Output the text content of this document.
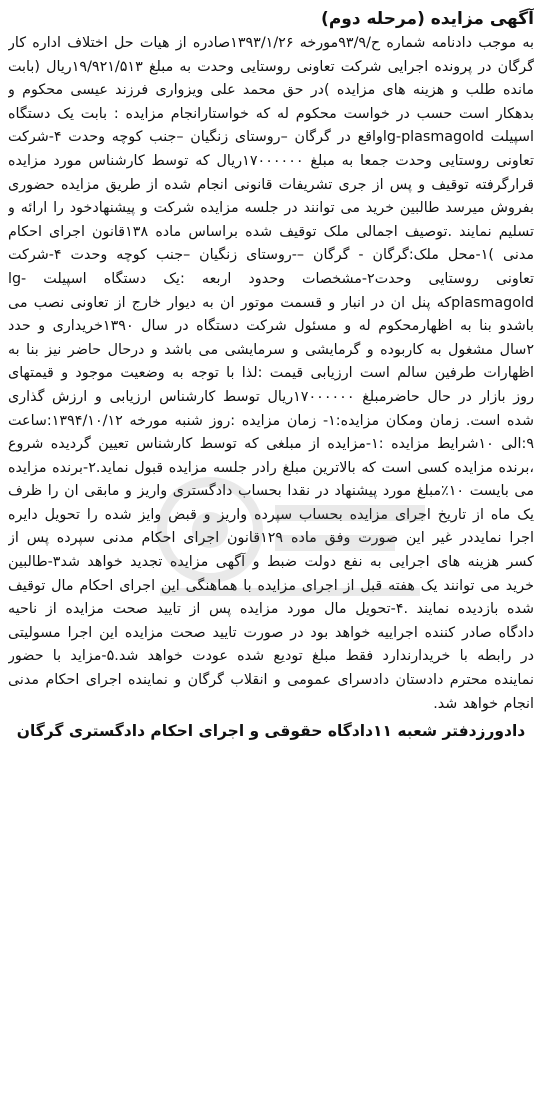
آگهی مزایده (مرحله دوم)

به موجب دادنامه شماره ح/۹۳/۹مورخه ۱۳۹۳/۱/۲۶صادره از هیات حل اختلاف اداره کار گرگان در پرونده اجرایی شرکت تعاونی روستایی وحدت به مبلغ ۱۹/۹۲۱/۵۱۳ریال (بابت مانده طلب و هزینه های مزایده )در حق محمد علی ویزواری فرزند عیسی محکوم و بدهکار است حسب در خواست محکوم له که خواستارانجام مزایده : بابت یک دستگاه اسپیلت lg-plasmagoldواقع در گرگان –روستای زنگیان –جنب کوچه وحدت ۴-شرکت تعاونی روستایی وحدت جمعا به مبلغ ۱۷۰۰۰۰۰۰ریال که توسط کارشناس مورد مزایده قرارگرفته توقیف و پس از جری تشریفات قانونی انجام شده از طریق مزایده حضوری بفروش میرسد طالبین خرید می توانند در جلسه مزایده شرکت و پیشنهادخود را ارائه و تسلیم نمایند .توصیف اجمالی ملک توقیف شده براساس ماده ۱۳۸قانون اجرای احکام مدنی )۱-محل ملک:گرگان - گرگان –-روستای زنگیان –جنب کوچه وحدت ۴-شرکت تعاونی روستایی وحدت۲-مشخصات وحدود اربعه :یک دستگاه اسپیلت lg-plasmagoldکه پنل ان در انبار و قسمت موتور ان به دیوار خارج از تعاونی نصب می باشدو بنا به اظهارمحکوم له و مسئول شرکت دستگاه در سال ۱۳۹۰خریداری و حدد ۲سال مشغول به کاربوده و گرمایشی و سرمایشی می باشد و درحال حاضر نیز بنا به اظهارات طرفین سالم است ارزیابی قیمت :لذا با توجه به وضعیت موجود و قیمتهای روز بازار در حال حاضرمبلغ ۱۷۰۰۰۰۰۰ریال توسط کارشناس ارزیابی و ارزش گذاری شده است. زمان ومکان مزایده:۱- زمان مزایده :روز شنبه مورخه ۱۳۹۴/۱۰/۱۲:ساعت ۹:الی ۱۰شرایط مزایده :۱-مزایده از مبلغی که توسط کارشناس تعیین گردیده شروع ،برنده مزایده کسی است که بالاترین مبلغ رادر جلسه مزایده قبول نماید.۲-برنده مزایده می بایست ۱۰٪مبلغ مورد پیشنهاد در نقدا بحساب دادگستری واریز و مابقی ان را ظرف یک ماه از تاریخ اجرای مزایده بحساب سپرده واریز و قبض وایز شده را تحویل دایره اجرا نمایددر غیر این صورت وفق ماده ۱۲۹قانون اجرای احکام مدنی سپرده پس از کسر هزینه های اجرایی به نفع دولت ضبط و آگهی مزایده تجدید خواهد شد۳-طالبین خرید می توانند یک هفته قبل از اجرای مزایده با هماهنگی این اجرای احکام مال توقیف شده بازدیده نمایند .۴-تحویل مال مورد مزایده پس از تایید صحت مزایده از ناحیه دادگاه صادر کننده اجراییه خواهد بود در صورت تایید صحت مزایده این اجرا مسولیتی در رابطه با خریدارندارد فقط مبلغ تودیع شده عودت خواهد شد.۵-مزاید با حضور نماینده محترم دادستان دادسرای عمومی و انقلاب گرگان و نماینده اجرای احکام مدنی انجام خواهد شد.

دادورزدفتر شعبه ۱۱دادگاه حقوقی و اجرای احکام دادگستری گرگان
